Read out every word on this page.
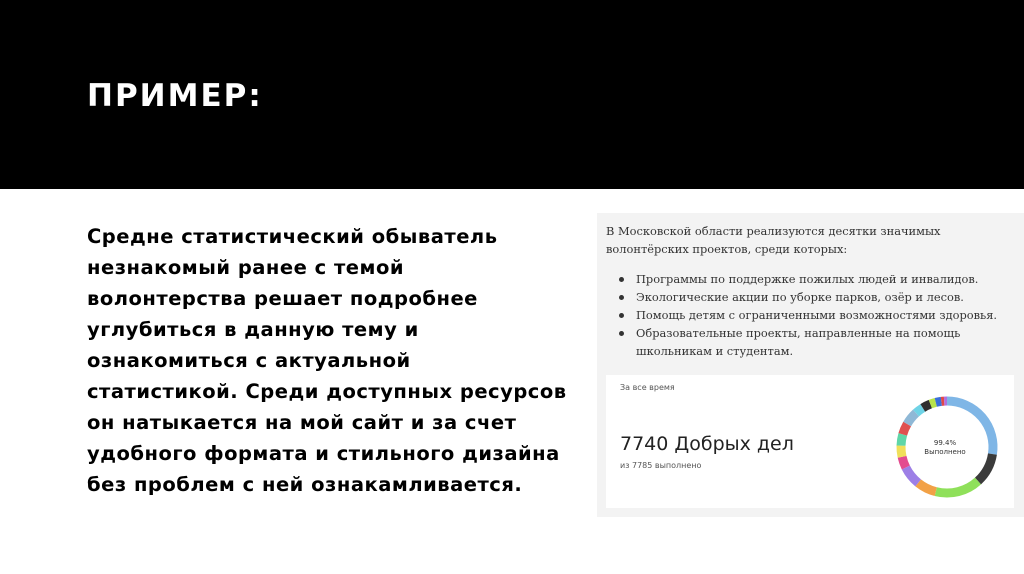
ПРИМЕР:

Средне статистический обыватель
незнакомый ранее с темой
волонтерства решает подробнее
углубиться в данную тему и
ознакомиться с актуальной
статистикой. Среди доступных ресурсов
он натыкается на мой сайт и за счет
удобного формата и стильного дизайна
без проблем с ней ознакамливается.

В Московской области реализуются десятки значимых волонтёрских проектов, среди которых:

Программы по поддержке пожилых людей и инвалидов.
Экологические акции по уборке парков, озёр и лесов.
Помощь детям с ограниченными возможностями здоровья.
Образовательные проекты, направленные на помощь школьникам и студентам.
За все время
7740 Добрых дел
из 7785 выполнено
99.4%
Выполнено
